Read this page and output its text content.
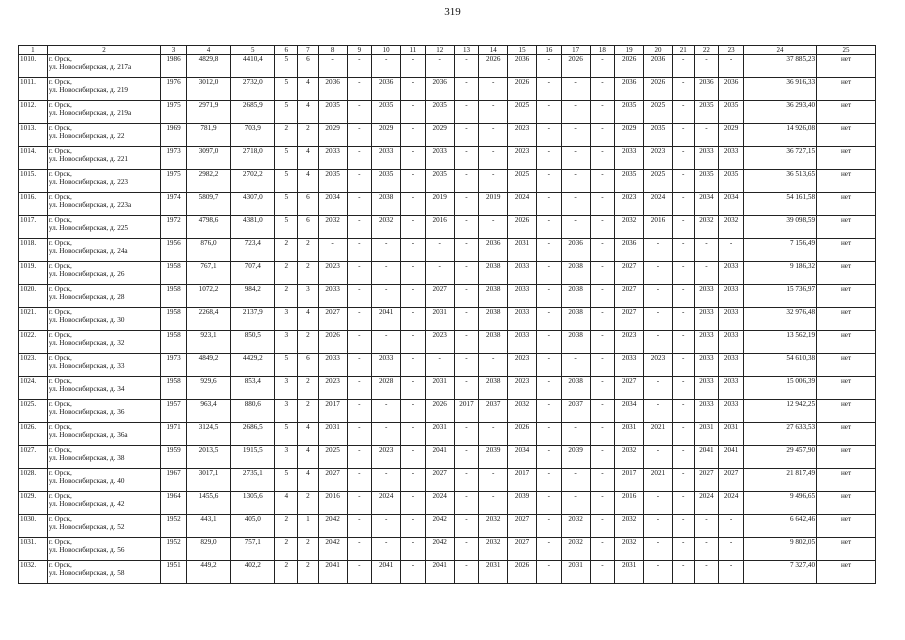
319
1	2	3	4	5	6	7	8	9	10	11	12	13	14	15	16	17	18	19	20	21	22	23	24	25
1010.	г. Орск,
ул. Новосибирская, д. 217а	1986	4829,8	4410,4	5	6	-	-	-	-	-	-	2026	2036	-	2026	-	2026	2036	-	-	-	37 885,23	нет
1011.	г. Орск,
ул. Новосибирская, д. 219	1976	3012,0	2732,0	5	4	2036	-	2036	-	2036	-	-	2026	-	-	-	2036	2026	-	2036	2036	36 916,33	нет
1012.	г. Орск,
ул. Новосибирская, д. 219а	1975	2971,9	2685,9	5	4	2035	-	2035	-	2035	-	-	2025	-	-	-	2035	2025	-	2035	2035	36 293,40	нет
1013.	г. Орск,
ул. Новосибирская, д. 22	1969	781,9	703,9	2	2	2029	-	2029	-	2029	-	-	2023	-	-	-	2029	2035	-	-	2029	14 926,08	нет
1014.	г. Орск,
ул. Новосибирская, д. 221	1973	3097,0	2718,0	5	4	2033	-	2033	-	2033	-	-	2023	-	-	-	2033	2023	-	2033	2033	36 727,15	нет
1015.	г. Орск,
ул. Новосибирская, д. 223	1975	2982,2	2702,2	5	4	2035	-	2035	-	2035	-	-	2025	-	-	-	2035	2025	-	2035	2035	36 513,65	нет
1016.	г. Орск,
ул. Новосибирская, д. 223а	1974	5809,7	4307,0	5	6	2034	-	2038	-	2019	-	2019	2024	-	-	-	2023	2024	-	2034	2034	54 161,58	нет
1017.	г. Орск,
ул. Новосибирская, д. 225	1972	4798,6	4381,0	5	6	2032	-	2032	-	2016	-	-	2026	-	-	-	2032	2016	-	2032	2032	39 098,59	нет
1018.	г. Орск,
ул. Новосибирская, д. 24а	1956	876,0	723,4	2	2	-	-	-	-	-	-	2036	2031	-	2036	-	2036	-	-	-	-	7 156,49	нет
1019.	г. Орск,
ул. Новосибирская, д. 26	1958	767,1	707,4	2	2	2023	-	-	-	-	-	2038	2033	-	2038	-	2027	-	-	-	2033	9 186,32	нет
1020.	г. Орск,
ул. Новосибирская, д. 28	1958	1072,2	984,2	2	3	2033	-	-	-	2027	-	2038	2033	-	2038	-	2027	-	-	2033	2033	15 736,97	нет
1021.	г. Орск,
ул. Новосибирская, д. 30	1958	2268,4	2137,9	3	4	2027	-	2041	-	2031	-	2038	2033	-	2038	-	2027	-	-	2033	2033	32 976,48	нет
1022.	г. Орск,
ул. Новосибирская, д. 32	1958	923,1	850,5	3	2	2026	-	-	-	2023	-	2038	2033	-	2038	-	2023	-	-	2033	2033	13 562,19	нет
1023.	г. Орск,
ул. Новосибирская, д. 33	1973	4849,2	4429,2	5	6	2033	-	2033	-	-	-	-	2023	-	-	-	2033	2023	-	2033	2033	54 610,38	нет
1024.	г. Орск,
ул. Новосибирская, д. 34	1958	929,6	853,4	3	2	2023	-	2028	-	2031	-	2038	2023	-	2038	-	2027	-	-	2033	2033	15 006,39	нет
1025.	г. Орск,
ул. Новосибирская, д. 36	1957	963,4	880,6	3	2	2017	-	-	-	2026	2017	2037	2032	-	2037	-	2034	-	-	2033	2033	12 942,25	нет
1026.	г. Орск,
ул. Новосибирская, д. 36а	1971	3124,5	2686,5	5	4	2031	-	-	-	2031	-	-	2026	-	-	-	2031	2021	-	2031	2031	27 633,53	нет
1027.	г. Орск,
ул. Новосибирская, д. 38	1959	2013,5	1915,5	3	4	2025	-	2023	-	2041	-	2039	2034	-	2039	-	2032	-	-	2041	2041	29 457,90	нет
1028.	г. Орск,
ул. Новосибирская, д. 40	1967	3017,1	2735,1	5	4	2027	-	-	-	2027	-	-	2017	-	-	-	2017	2021	-	2027	2027	21 817,49	нет
1029.	г. Орск,
ул. Новосибирская, д. 42	1964	1455,6	1305,6	4	2	2016	-	2024	-	2024	-	-	2039	-	-	-	2016	-	-	2024	2024	9 496,65	нет
1030.	г. Орск,
ул. Новосибирская, д. 52	1952	443,1	405,0	2	1	2042	-	-	-	2042	-	2032	2027	-	2032	-	2032	-	-	-	-	6 642,46	нет
1031.	г. Орск,
ул. Новосибирская, д. 56	1952	829,0	757,1	2	2	2042	-	-	-	2042	-	2032	2027	-	2032	-	2032	-	-	-	-	9 802,05	нет
1032.	г. Орск,
ул. Новосибирская, д. 58	1951	449,2	402,2	2	2	2041	-	2041	-	2041	-	2031	2026	-	2031	-	2031	-	-	-	-	7 327,40	нет
